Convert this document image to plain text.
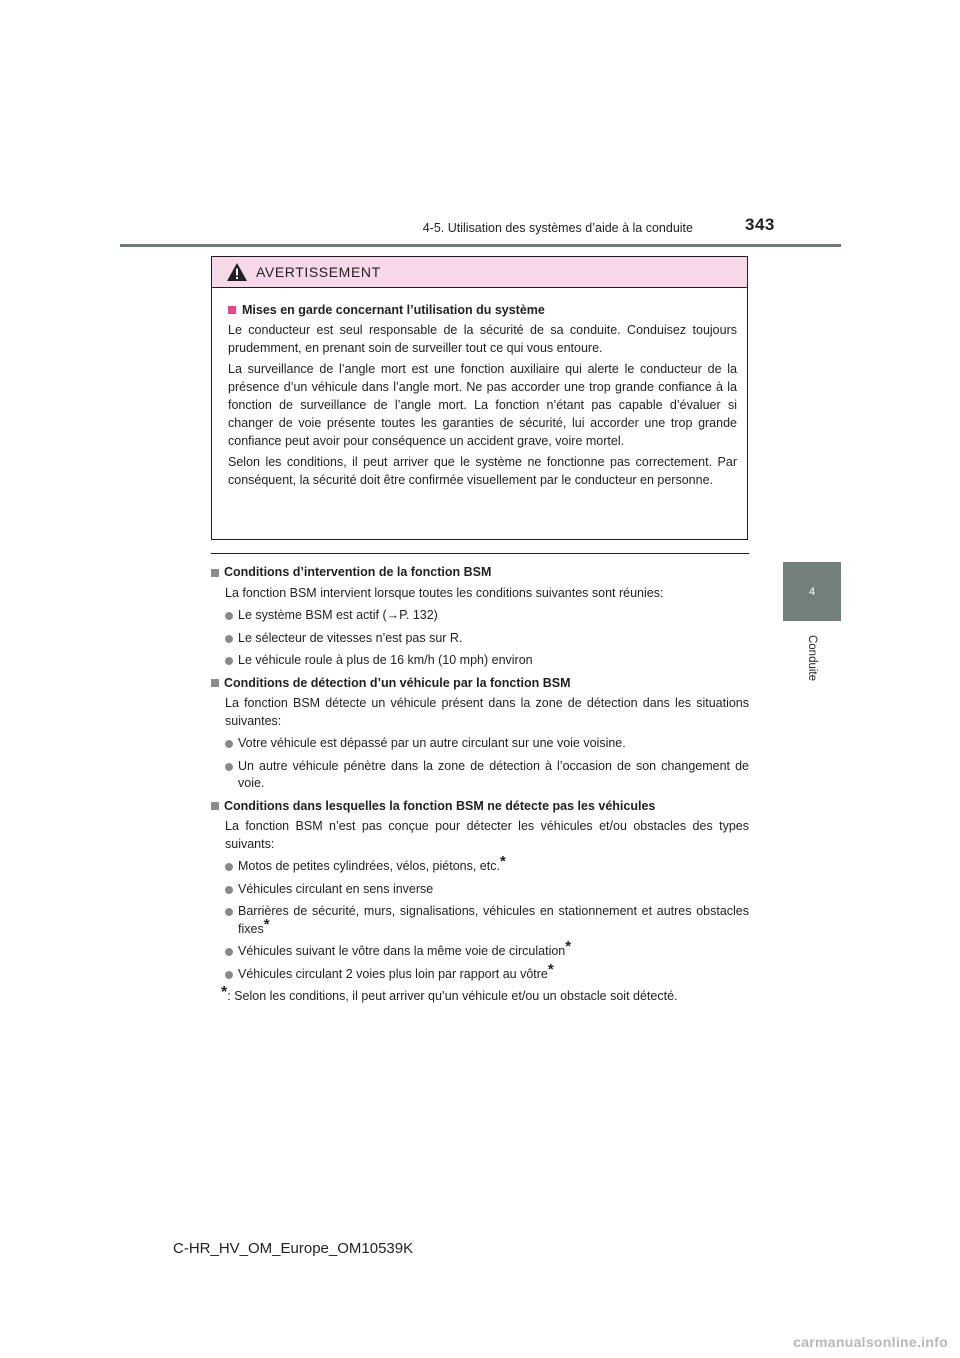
4-5. Utilisation des systèmes d’aide à la conduite	343
4
Conduite
AVERTISSEMENT
Mises en garde concernant l’utilisation du système

Le conducteur est seul responsable de la sécurité de sa conduite. Conduisez toujours prudemment, en prenant soin de surveiller tout ce qui vous entoure.

La surveillance de l’angle mort est une fonction auxiliaire qui alerte le conducteur de la présence d’un véhicule dans l’angle mort. Ne pas accorder une trop grande confiance à la fonction de surveillance de l’angle mort. La fonction n’étant pas capable d’évaluer si changer de voie présente toutes les garanties de sécurité, lui accorder une trop grande confiance peut avoir pour conséquence un accident grave, voire mortel.

Selon les conditions, il peut arriver que le système ne fonctionne pas correctement. Par conséquent, la sécurité doit être confirmée visuellement par le conducteur en personne.

Conditions d’intervention de la fonction BSM

La fonction BSM intervient lorsque toutes les conditions suivantes sont réunies:

Le système BSM est actif (→P. 132)
Le sélecteur de vitesses n’est pas sur R.
Le véhicule roule à plus de 16 km/h (10 mph) environ
Conditions de détection d’un véhicule par la fonction BSM

La fonction BSM détecte un véhicule présent dans la zone de détection dans les situations suivantes:

Votre véhicule est dépassé par un autre circulant sur une voie voisine.
Un autre véhicule pénètre dans la zone de détection à l’occasion de son changement de voie.
Conditions dans lesquelles la fonction BSM ne détecte pas les véhicules

La fonction BSM n’est pas conçue pour détecter les véhicules et/ou obstacles des types suivants:

Motos de petites cylindrées, vélos, piétons, etc.*
Véhicules circulant en sens inverse
Barrières de sécurité, murs, signalisations, véhicules en stationnement et autres obstacles fixes*
Véhicules suivant le vôtre dans la même voie de circulation*
Véhicules circulant 2 voies plus loin par rapport au vôtre*
*: Selon les conditions, il peut arriver qu’un véhicule et/ou un obstacle soit détecté.
C-HR_HV_OM_Europe_OM10539K
carmanualsonline.info
